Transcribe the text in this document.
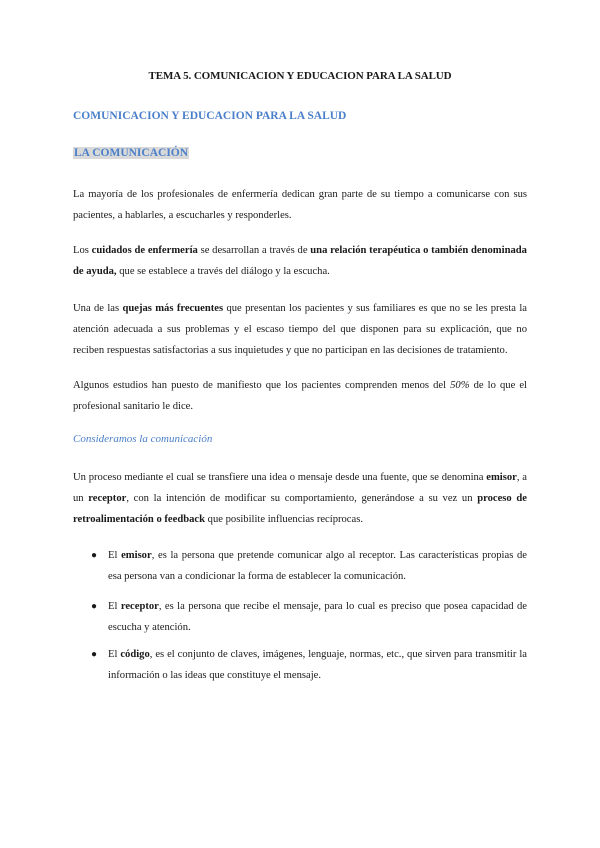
TEMA 5. COMUNICACION Y EDUCACION PARA LA SALUD
COMUNICACION Y EDUCACION PARA LA SALUD
LA COMUNICACIÓN

La mayoría de los profesionales de enfermería dedican gran parte de su tiempo a comunicarse con sus pacientes, a hablarles, a escucharles y responderles.

Los cuidados de enfermería se desarrollan a través de una relación terapéutica o también denominada de ayuda, que se establece a través del diálogo y la escucha.

Una de las quejas más frecuentes que presentan los pacientes y sus familiares es que no se les presta la atención adecuada a sus problemas y el escaso tiempo del que disponen para su explicación, que no reciben respuestas satisfactorias a sus inquietudes y que no participan en las decisiones de tratamiento.

Algunos estudios han puesto de manifiesto que los pacientes comprenden menos del 50% de lo que el profesional sanitario le dice.

Consideramos la comunicación

Un proceso mediante el cual se transfiere una idea o mensaje desde una fuente, que se denomina emisor, a un receptor, con la intención de modificar su comportamiento, generándose a su vez un proceso de retroalimentación o feedback que posibilite influencias recíprocas.

● El emisor, es la persona que pretende comunicar algo al receptor. Las características propias de esa persona van a condicionar la forma de establecer la comunicación.
● El receptor, es la persona que recibe el mensaje, para lo cual es preciso que posea capacidad de escucha y atención.
● El código, es el conjunto de claves, imágenes, lenguaje, normas, etc., que sirven para transmitir la información o las ideas que constituye el mensaje.
